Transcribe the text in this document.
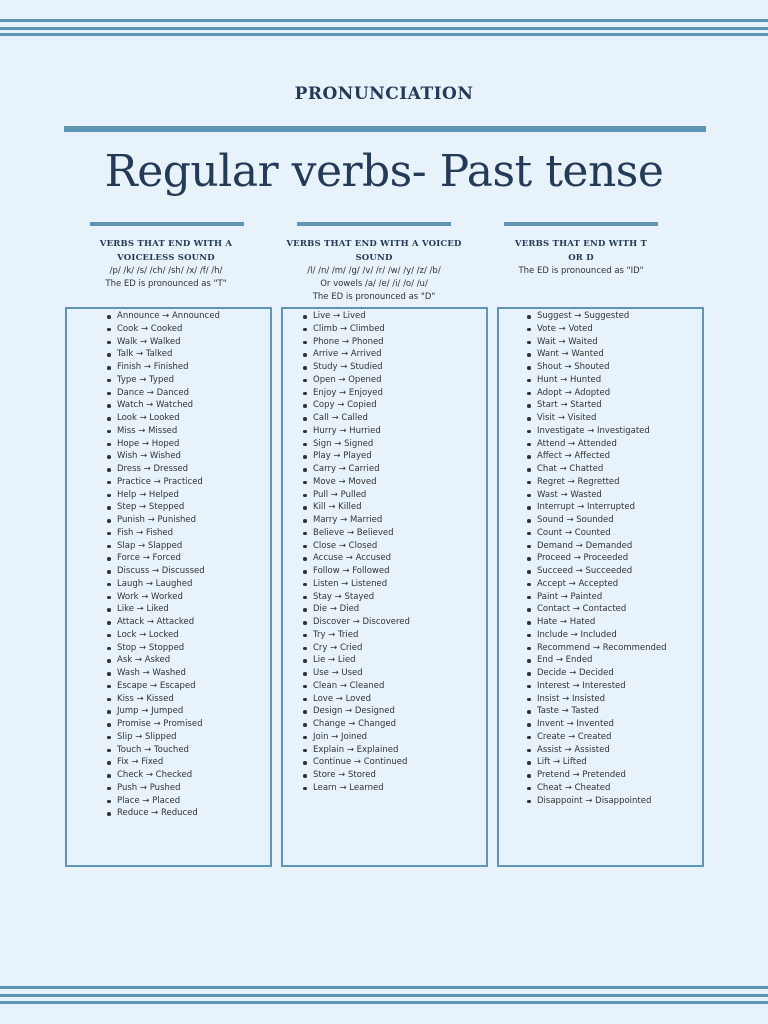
PRONUNCIATION
Regular verbs- Past tense
VERBS THAT END WITH A VOICELESS SOUND

/p/ /k/ /s/ /ch/ /sh/ /x/ /f/ /h/

The ED is pronounced as "T"

Announce → Announced
Cook → Cooked
Walk → Walked
Talk → Talked
Finish → Finished
Type → Typed
Dance → Danced
Watch → Watched
Look → Looked
Miss → Missed
Hope → Hoped
Wish → Wished
Dress → Dressed
Practice → Practiced
Help → Helped
Step → Stepped
Punish → Punished
Fish → Fished
Slap → Slapped
Force → Forced
Discuss → Discussed
Laugh → Laughed
Work → Worked
Like → Liked
Attack → Attacked
Lock → Locked
Stop → Stopped
Ask → Asked
Wash → Washed
Escape → Escaped
Kiss → Kissed
Jump → Jumped
Promise → Promised
Slip → Slipped
Touch → Touched
Fix → Fixed
Check → Checked
Push → Pushed
Place → Placed
Reduce → Reduced
VERBS THAT END WITH A VOICED SOUND

/l/ /n/ /m/ /g/ /v/ /r/ /w/ /y/ /z/ /b/

Or vowels /a/ /e/ /i/ /o/ /u/

The ED is pronounced as "D"

Live → Lived
Climb → Climbed
Phone → Phoned
Arrive → Arrived
Study → Studied
Open → Opened
Enjoy → Enjoyed
Copy → Copied
Call → Called
Hurry → Hurried
Sign → Signed
Play → Played
Carry → Carried
Move → Moved
Pull → Pulled
Kill → Killed
Marry → Married
Believe → Believed
Close → Closed
Accuse → Accused
Follow → Followed
Listen → Listened
Stay → Stayed
Die → Died
Discover → Discovered
Try → Tried
Cry → Cried
Lie → Lied
Use → Used
Clean → Cleaned
Love → Loved
Design → Designed
Change → Changed
Join → Joined
Explain → Explained
Continue → Continued
Store → Stored
Learn → Learned
VERBS THAT END WITH T OR D

The ED is pronounced as "ID"

Suggest → Suggested
Vote → Voted
Wait → Waited
Want → Wanted
Shout → Shouted
Hunt → Hunted
Adopt → Adopted
Start → Started
Visit → Visited
Investigate → Investigated
Attend → Attended
Affect → Affected
Chat → Chatted
Regret → Regretted
Wast → Wasted
Interrupt → Interrupted
Sound → Sounded
Count → Counted
Demand → Demanded
Proceed → Proceeded
Succeed → Succeeded
Accept → Accepted
Paint → Painted
Contact → Contacted
Hate → Hated
Include → Included
Recommend → Recommended
End → Ended
Decide → Decided
Interest → Interested
Insist → Insisted
Taste → Tasted
Invent → Invented
Create → Created
Assist → Assisted
Lift → Lifted
Pretend → Pretended
Cheat → Cheated
Disappoint → Disappointed
